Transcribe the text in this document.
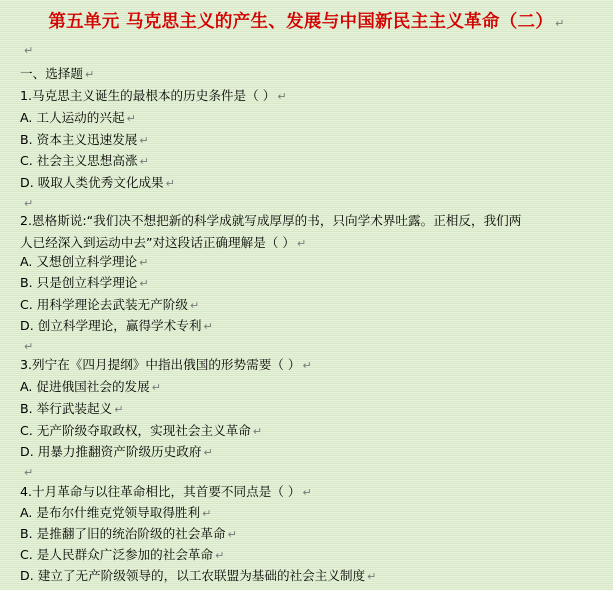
第五单元 马克思主义的产生、发展与中国新民主主义革命（二） ↵
↵
一、选择题 ↵
1.马克思主义诞生的最根本的历史条件是（ ） ↵
A. 工人运动的兴起 ↵
B. 资本主义迅速发展 ↵
C. 社会主义思想高涨 ↵
D. 吸取人类优秀文化成果 ↵
↵
2.恩格斯说:“我们决不想把新的科学成就写成厚厚的书，只向学术界吐露。正相反，我们两
人已经深入到运动中去”对这段话正确理解是（ ） ↵
A. 又想创立科学理论 ↵
B. 只是创立科学理论 ↵
C. 用科学理论去武装无产阶级 ↵
D. 创立科学理论，赢得学术专利 ↵
↵
3.列宁在《四月提纲》中指出俄国的形势需要（ ） ↵
A. 促进俄国社会的发展 ↵
B. 举行武装起义 ↵
C. 无产阶级夺取政权，实现社会主义革命 ↵
D. 用暴力推翻资产阶级历史政府 ↵
↵
4.十月革命与以往革命相比，其首要不同点是（ ） ↵
A. 是布尔什维克党领导取得胜利 ↵
B. 是推翻了旧的统治阶级的社会革命 ↵
C. 是人民群众广泛参加的社会革命 ↵
D. 建立了无产阶级领导的，以工农联盟为基础的社会主义制度 ↵
